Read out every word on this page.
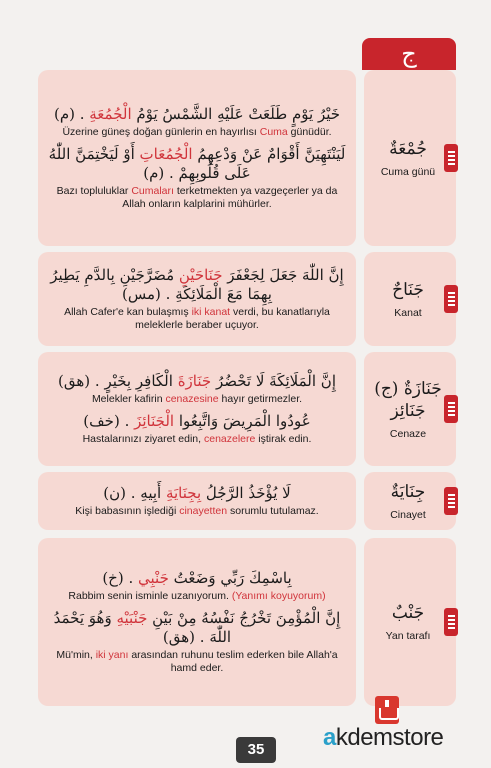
ج
خَيْرُ يَوْمٍ طَلَعَتْ عَلَيْهِ الشَّمْسُ يَوْمُ الْجُمُعَةِ . (م)
Üzerine güneş doğan günlerin en hayırlısı Cuma günüdür.
لَيَنْتَهِيَنَّ أَقْوَامٌ عَنْ وَدْعِهِمُ الْجُمُعَاتِ أَوْ لَيَخْتِمَنَّ اللّٰهُ عَلَى قُلُوبِهِمْ . (م)
Bazı topluluklar Cumaları terketmekten ya vazgeçerler ya da Allah onların kalplarini mühürler.
جُمْعَةٌ
Cuma günü
إِنَّ اللّٰهَ جَعَلَ لِجَعْفَرَ جَنَاحَيْنِ مُضَرَّجَيْنِ بِالدَّمِ يَطِيرُ بِهِمَا مَعَ الْمَلَائِكَةِ . (مس)
Allah Cafer'e kan bulaşmış iki kanat verdi, bu kanatlarıyla meleklerle beraber uçuyor.
جَنَاحٌ
Kanat
إِنَّ الْمَلَائِكَةَ لَا تَحْضُرُ جَنَازَةَ الْكَافِرِ بِخَيْرٍ . (هق)
Melekler kafirin cenazesine hayır getirmezler.
عُودُوا الْمَرِيضَ وَاتَّبِعُوا الْجَنَائِزَ . (خف)
Hastalarınızı ziyaret edin, cenazelere iştirak edin.
جَنَازَةٌ (ج)
جَنَائِز
Cenaze
لَا يُؤْخَذُ الرَّجُلُ بِجِنَايَةِ أَبِيهِ . (ن)
Kişi babasının işlediği cinayetten sorumlu tutulamaz.
جِنَايَةٌ
Cinayet
بِاسْمِكَ رَبِّي وَضَعْتُ جَنْبِي . (خ)
Rabbim senin isminle uzanıyorum. (Yanımı koyuyorum)
إِنَّ الْمُؤْمِنَ تَخْرُجُ نَفْسُهُ مِنْ بَيْنِ جَنْبَيْهِ وَهُوَ يَحْمَدُ اللّٰهَ . (هق)
Mü'min, iki yanı arasından ruhunu teslim ederken bile Allah'a hamd eder.
جَنْبٌ
Yan tarafı
akdemstore
35
